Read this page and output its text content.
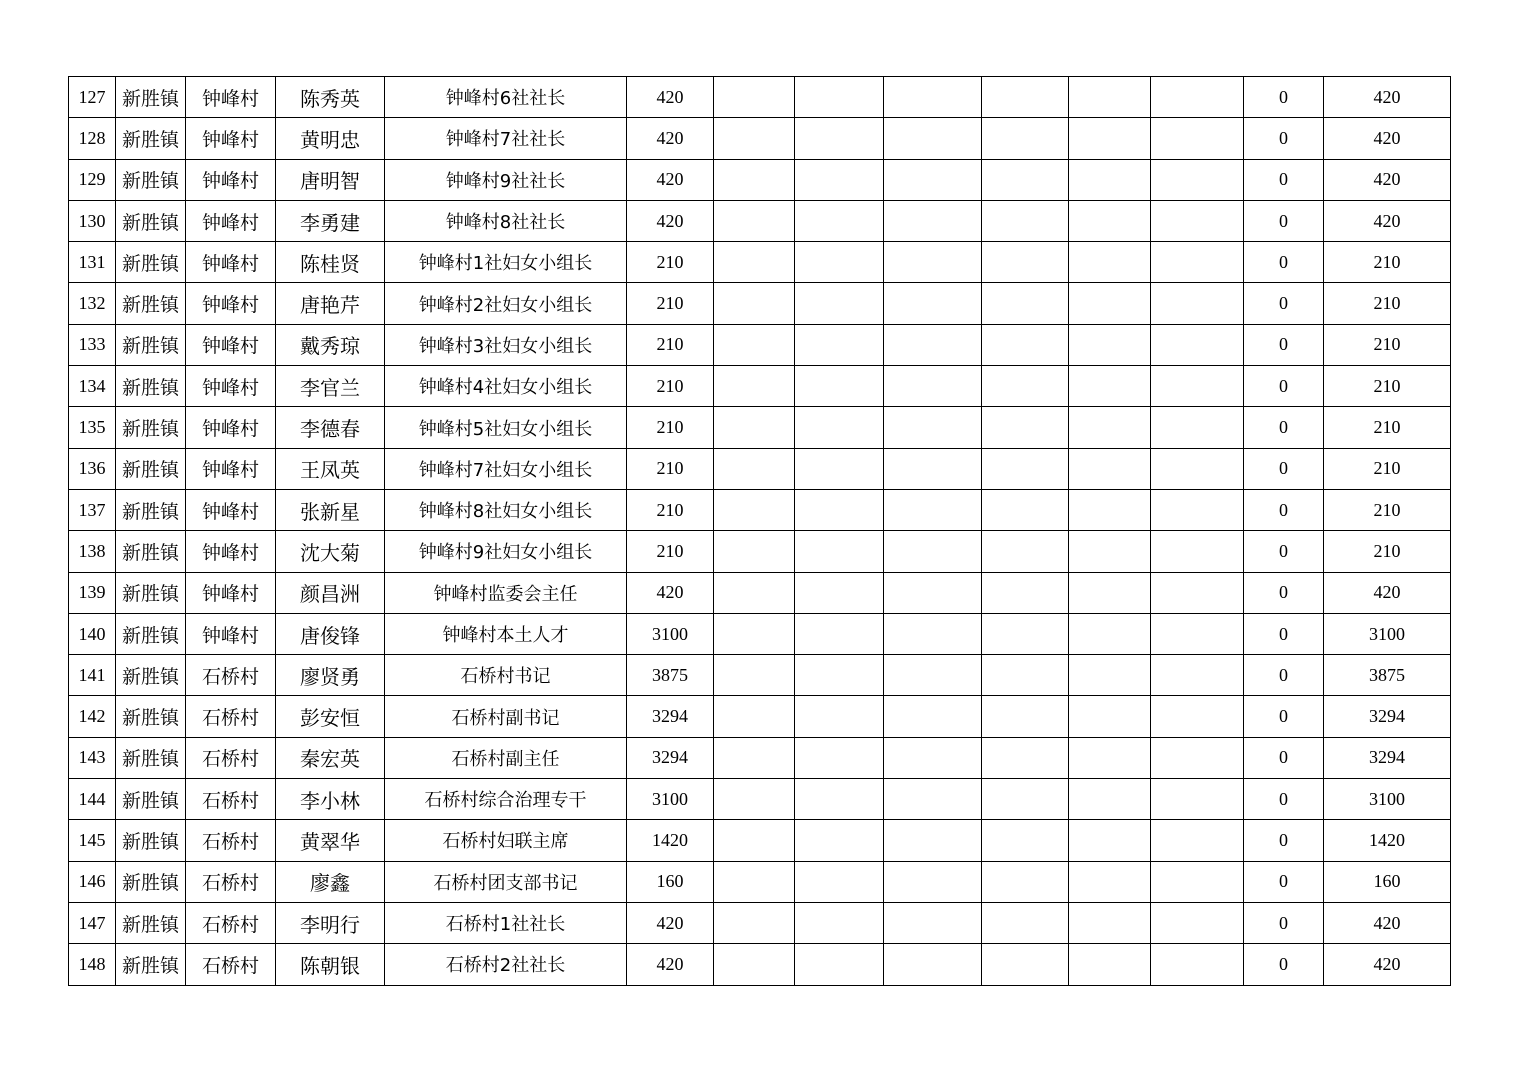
127	新胜镇	钟峰村	陈秀英	钟峰村6社社长	420							0	420
128	新胜镇	钟峰村	黄明忠	钟峰村7社社长	420							0	420
129	新胜镇	钟峰村	唐明智	钟峰村9社社长	420							0	420
130	新胜镇	钟峰村	李勇建	钟峰村8社社长	420							0	420
131	新胜镇	钟峰村	陈桂贤	钟峰村1社妇女小组长	210							0	210
132	新胜镇	钟峰村	唐艳芹	钟峰村2社妇女小组长	210							0	210
133	新胜镇	钟峰村	戴秀琼	钟峰村3社妇女小组长	210							0	210
134	新胜镇	钟峰村	李官兰	钟峰村4社妇女小组长	210							0	210
135	新胜镇	钟峰村	李德春	钟峰村5社妇女小组长	210							0	210
136	新胜镇	钟峰村	王凤英	钟峰村7社妇女小组长	210							0	210
137	新胜镇	钟峰村	张新星	钟峰村8社妇女小组长	210							0	210
138	新胜镇	钟峰村	沈大菊	钟峰村9社妇女小组长	210							0	210
139	新胜镇	钟峰村	颜昌洲	钟峰村监委会主任	420							0	420
140	新胜镇	钟峰村	唐俊锋	钟峰村本土人才	3100							0	3100
141	新胜镇	石桥村	廖贤勇	石桥村书记	3875							0	3875
142	新胜镇	石桥村	彭安恒	石桥村副书记	3294							0	3294
143	新胜镇	石桥村	秦宏英	石桥村副主任	3294							0	3294
144	新胜镇	石桥村	李小林	石桥村综合治理专干	3100							0	3100
145	新胜镇	石桥村	黄翠华	石桥村妇联主席	1420							0	1420
146	新胜镇	石桥村	廖鑫	石桥村团支部书记	160							0	160
147	新胜镇	石桥村	李明行	石桥村1社社长	420							0	420
148	新胜镇	石桥村	陈朝银	石桥村2社社长	420							0	420
